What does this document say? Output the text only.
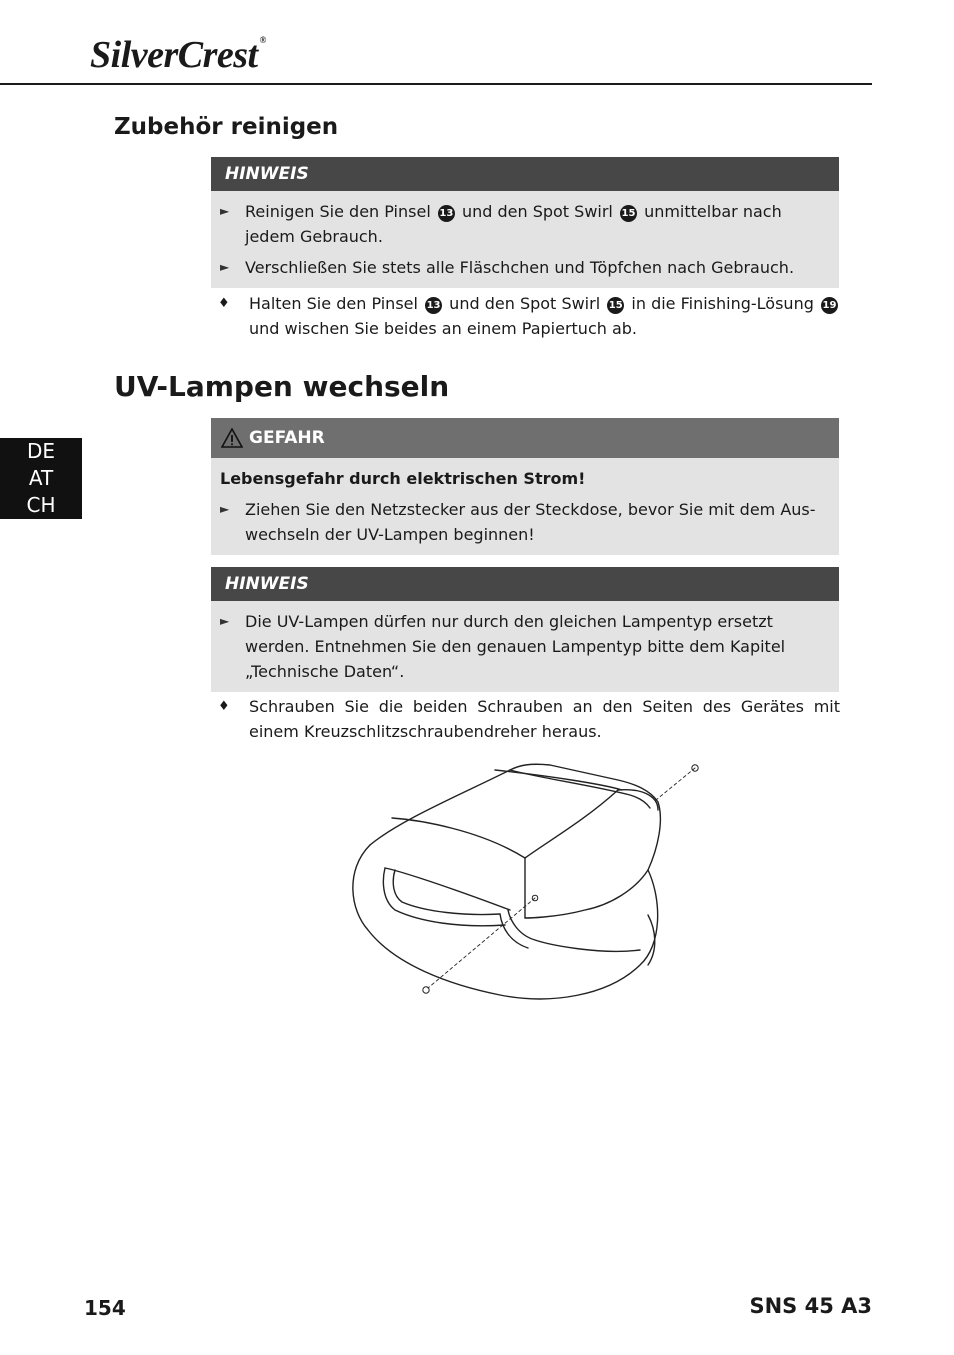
SilverCrest ®
Zubehör reinigen
HINWEIS
► Reinigen Sie den Pinsel 13 und den Spot Swirl 15 unmittelbar nach jedem Gebrauch.
► Verschließen Sie stets alle Fläschchen und Töpfchen nach Gebrauch.
♦	Halten Sie den Pinsel 13 und den Spot Swirl 15 in die Finishing-Lösung 19 und wischen Sie beides an einem Papiertuch ab.
UV-Lampen wechseln
DE
AT
CH
GEFAHR
Lebensgefahr durch elektrischen Strom!
► Ziehen Sie den Netzstecker aus der Steckdose, bevor Sie mit dem Aus-wechseln der UV-Lampen beginnen!
HINWEIS
► Die UV-Lampen dürfen nur durch den gleichen Lampentyp ersetzt werden. Entnehmen Sie den genauen Lampentyp bitte dem Kapitel „Technische Daten“.
♦	Schrauben Sie die beiden Schrauben an den Seiten des Gerätes mit einem Kreuzschlitzschraubendreher heraus.
154	SNS 45 A3
